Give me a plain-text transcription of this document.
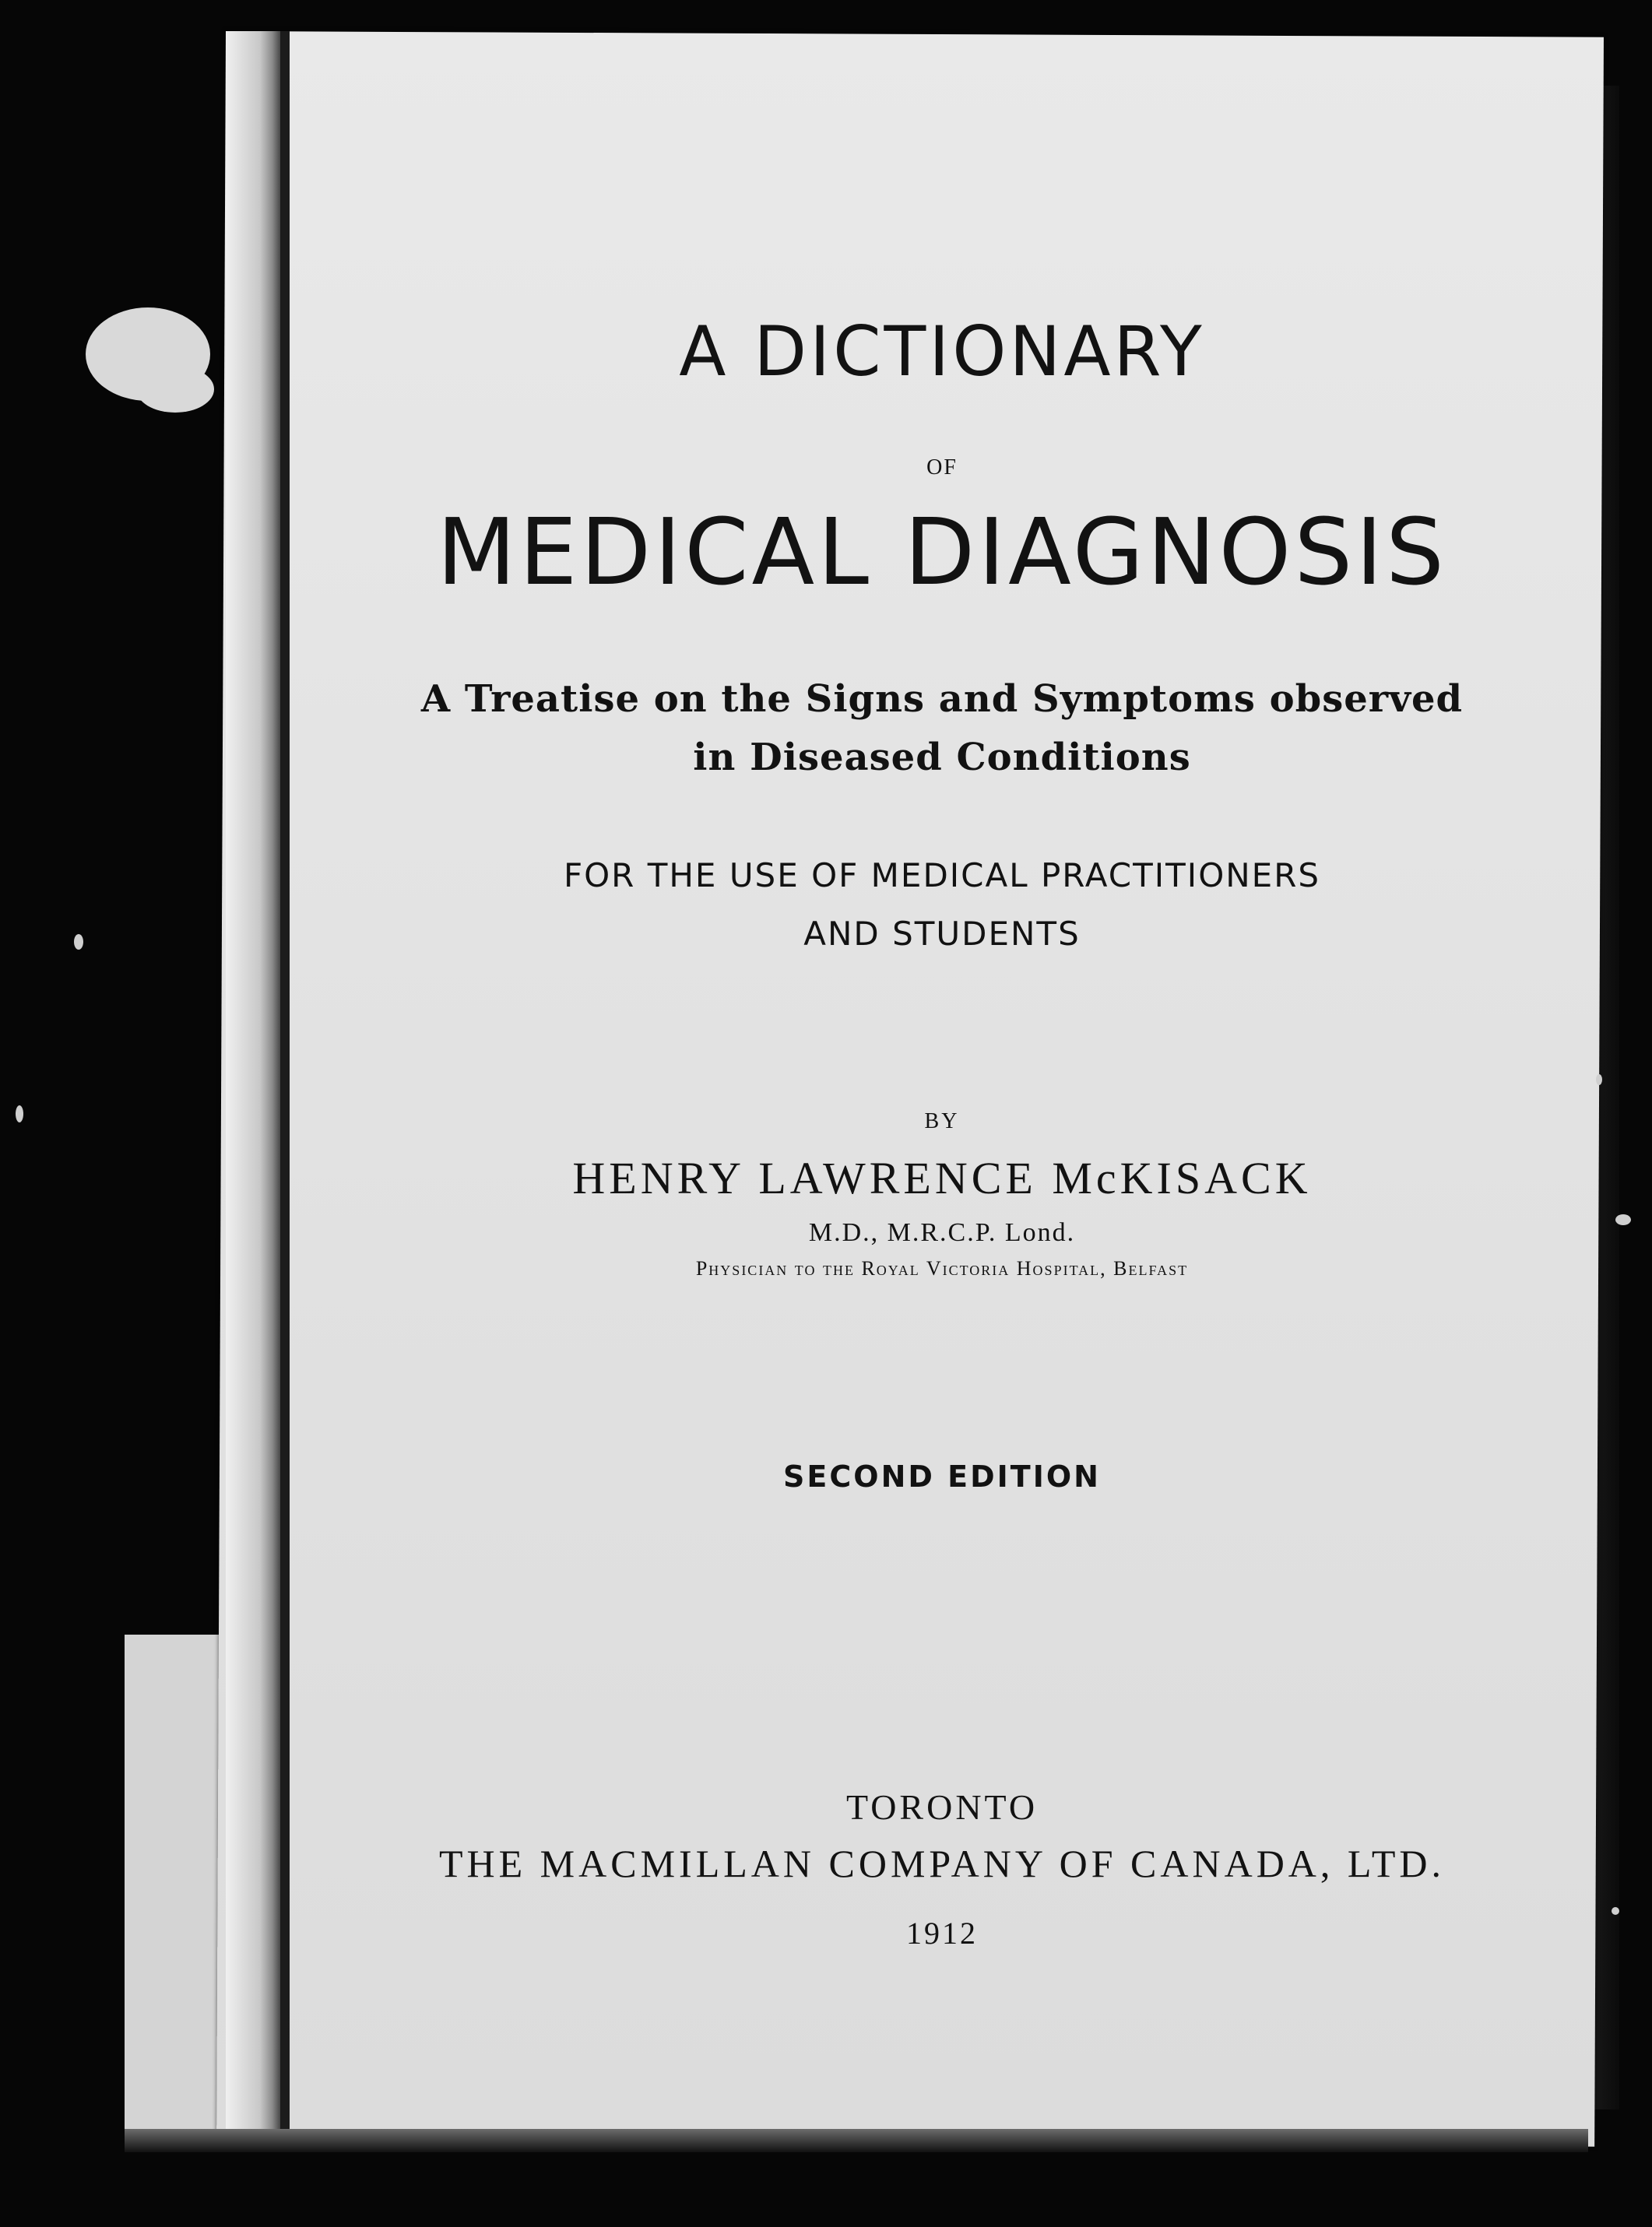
A DICTIONARY
OF
MEDICAL DIAGNOSIS
A Treatise on the Signs and Symptoms observed
in Diseased Conditions
FOR THE USE OF MEDICAL PRACTITIONERS
AND STUDENTS
BY
HENRY LAWRENCE McKISACK
M.D., M.R.C.P. Lond.
Physician to the Royal Victoria Hospital, Belfast
SECOND EDITION
TORONTO
THE MACMILLAN COMPANY OF CANADA, LTD.
1912
